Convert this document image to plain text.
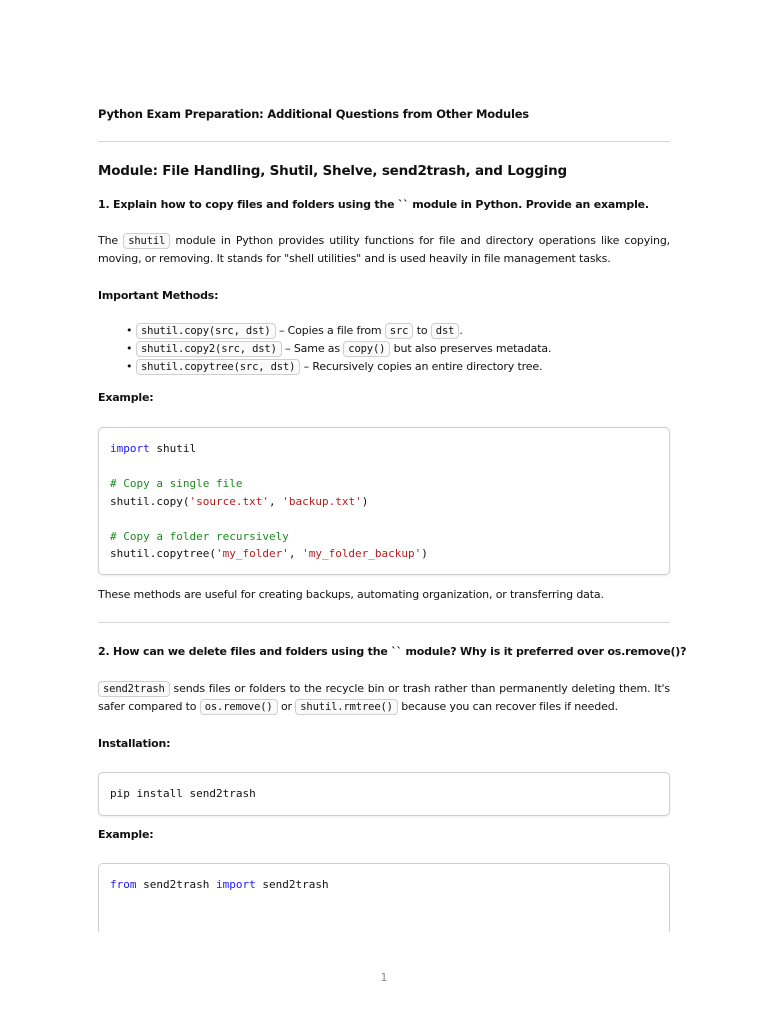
Python Exam Preparation: Additional Questions from Other Modules
Module: File Handling, Shutil, Shelve, send2trash, and Logging
1. Explain how to copy files and folders using the `` module in Python. Provide an example.
The shutil module in Python provides utility functions for file and directory operations like copying, moving, or removing. It stands for "shell utilities" and is used heavily in file management tasks.
Important Methods:
• shutil.copy(src, dst) – Copies a file from src to dst .
• shutil.copy2(src, dst) – Same as copy() but also preserves metadata.
• shutil.copytree(src, dst) – Recursively copies an entire directory tree.
Example:
import shutil

# Copy a single file
shutil.copy('source.txt', 'backup.txt')

# Copy a folder recursively
shutil.copytree('my_folder', 'my_folder_backup')
These methods are useful for creating backups, automating organization, or transferring data.
2. How can we delete files and folders using the `` module? Why is it preferred over os.remove()?
send2trash sends files or folders to the recycle bin or trash rather than permanently deleting them. It's safer compared to os.remove() or shutil.rmtree() because you can recover files if needed.
Installation:
pip install send2trash
Example:
from send2trash import send2trash
1
